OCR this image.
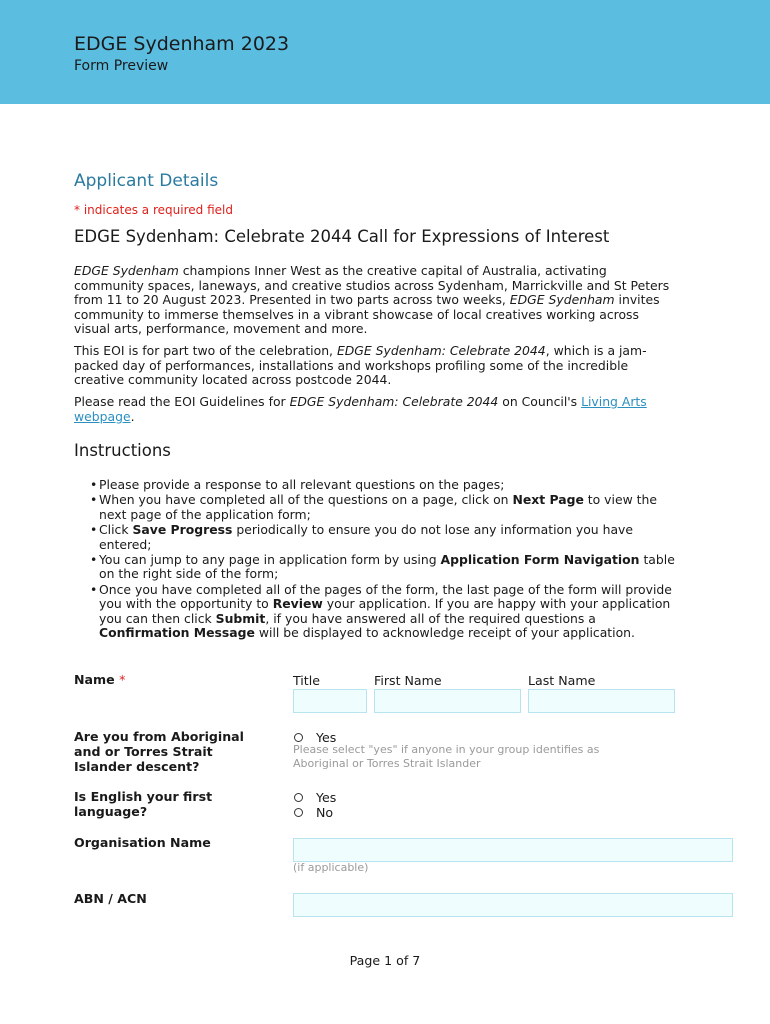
EDGE Sydenham 2023
Form Preview
Applicant Details
* indicates a required field
EDGE Sydenham: Celebrate 2044 Call for Expressions of Interest
EDGE Sydenham champions Inner West as the creative capital of Australia, activating community spaces, laneways, and creative studios across Sydenham, Marrickville and St Peters from 11 to 20 August 2023. Presented in two parts across two weeks, EDGE Sydenham invites community to immerse themselves in a vibrant showcase of local creatives working across visual arts, performance, movement and more.
This EOI is for part two of the celebration, EDGE Sydenham: Celebrate 2044, which is a jam-packed day of performances, installations and workshops profiling some of the incredible creative community located across postcode 2044.
Please read the EOI Guidelines for EDGE Sydenham: Celebrate 2044 on Council's Living Arts webpage.
Instructions
• Please provide a response to all relevant questions on the pages;
• When you have completed all of the questions on a page, click on Next Page to view the next page of the application form;
• Click Save Progress periodically to ensure you do not lose any information you have entered;
• You can jump to any page in application form by using Application Form Navigation table on the right side of the form;
• Once you have completed all of the pages of the form, the last page of the form will provide you with the opportunity to Review your application. If you are happy with your application you can then click Submit, if you have answered all of the required questions a Confirmation Message will be displayed to acknowledge receipt of your application.
Name *	Title	First Name	Last Name
Are you from Aboriginal and or Torres Strait Islander descent?
Yes
Please select "yes" if anyone in your group identifies as Aboriginal or Torres Strait Islander
Is English your first language?
Yes
No
Organisation Name
(if applicable)
ABN / ACN
Page 1 of 7
